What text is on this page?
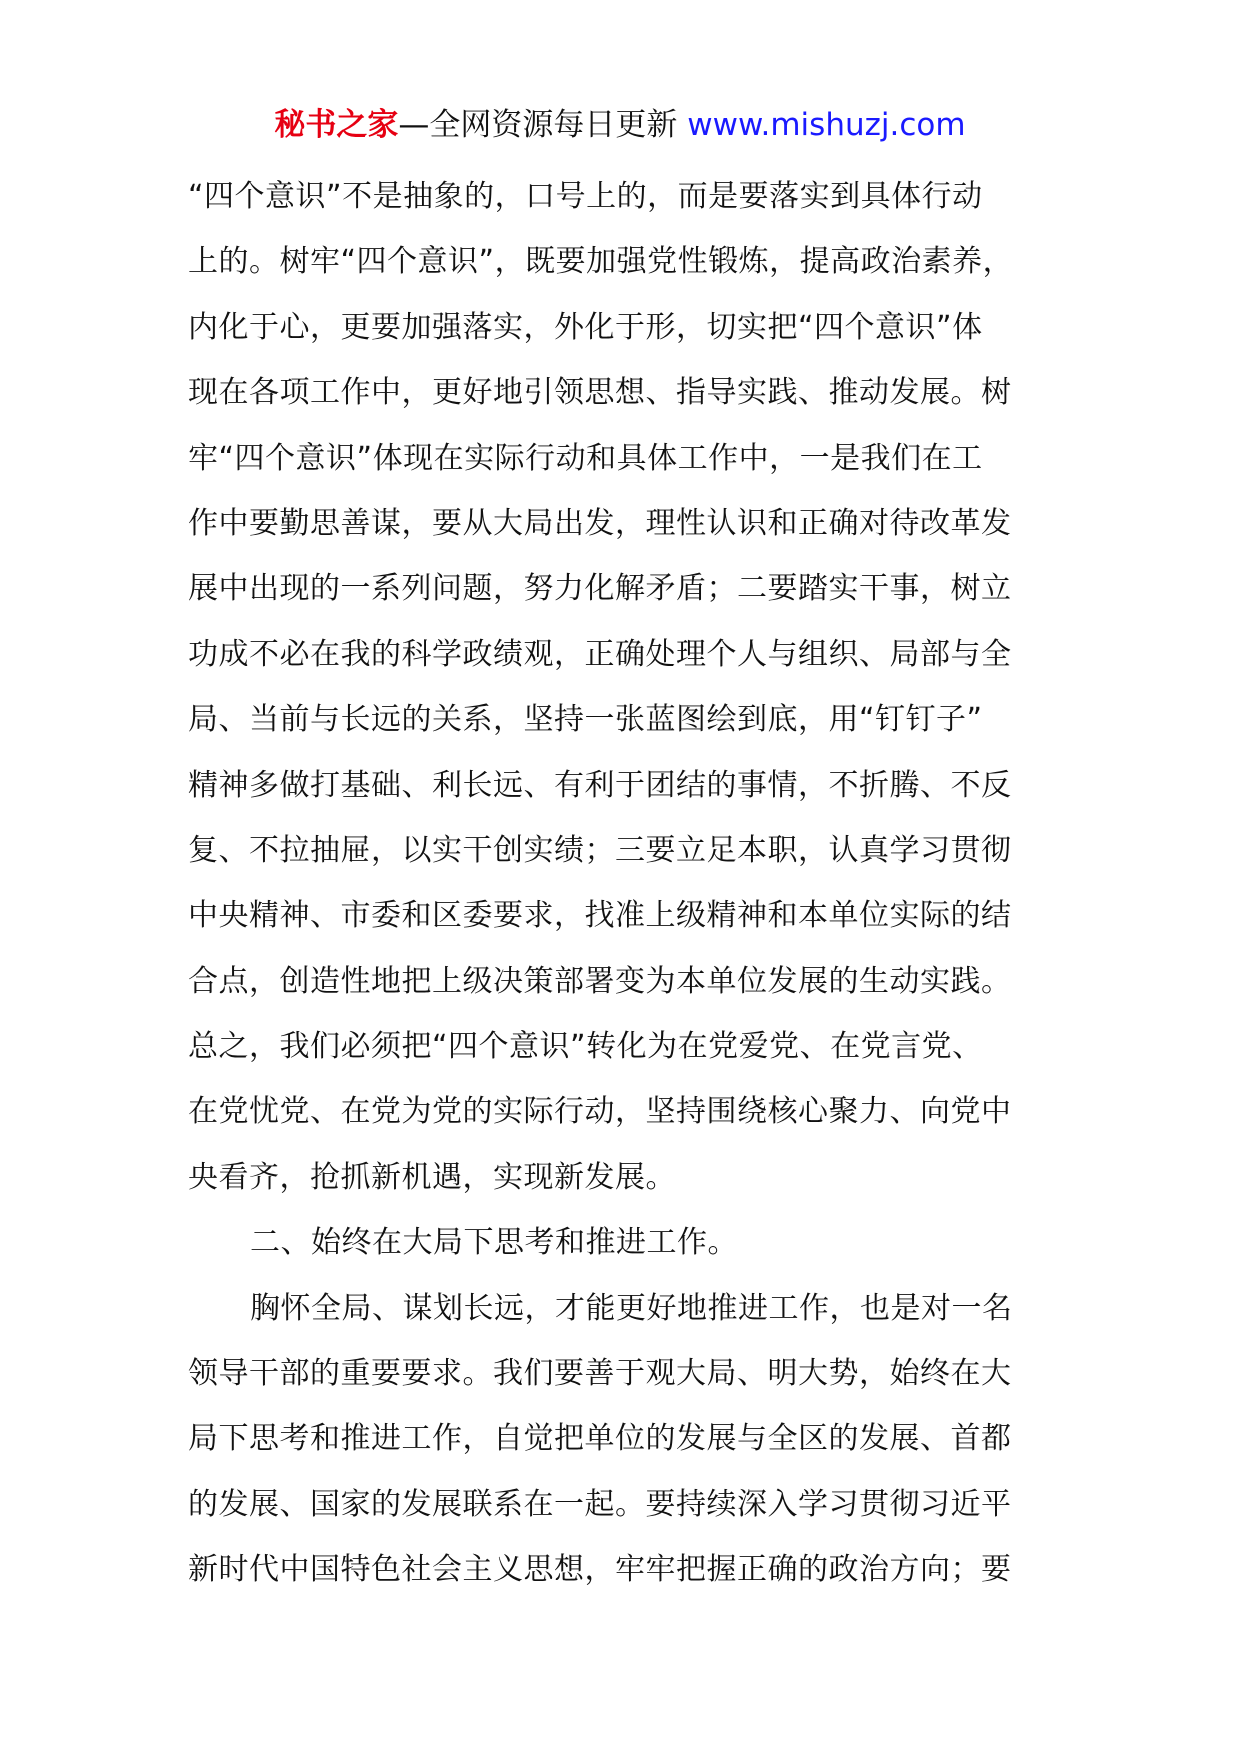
秘书之家—全网资源每日更新 www.mishuzj.com
“四个意识”不是抽象的，口号上的，而是要落实到具体行动
上的。树牢“四个意识”，既要加强党性锻炼，提高政治素养，
内化于心，更要加强落实，外化于形，切实把“四个意识”体
现在各项工作中，更好地引领思想、指导实践、推动发展。树
牢“四个意识”体现在实际行动和具体工作中，一是我们在工
作中要勤思善谋，要从大局出发，理性认识和正确对待改革发
展中出现的一系列问题，努力化解矛盾；二要踏实干事，树立
功成不必在我的科学政绩观，正确处理个人与组织、局部与全
局、当前与长远的关系，坚持一张蓝图绘到底，用“钉钉子”
精神多做打基础、利长远、有利于团结的事情，不折腾、不反
复、不拉抽屉，以实干创实绩；三要立足本职，认真学习贯彻
中央精神、市委和区委要求，找准上级精神和本单位实际的结
合点，创造性地把上级决策部署变为本单位发展的生动实践。
总之，我们必须把“四个意识”转化为在党爱党、在党言党、
在党忧党、在党为党的实际行动，坚持围绕核心聚力、向党中
央看齐，抢抓新机遇，实现新发展。
二、始终在大局下思考和推进工作。
胸怀全局、谋划长远，才能更好地推进工作，也是对一名
领导干部的重要要求。我们要善于观大局、明大势，始终在大
局下思考和推进工作，自觉把单位的发展与全区的发展、首都
的发展、国家的发展联系在一起。要持续深入学习贯彻习近平
新时代中国特色社会主义思想，牢牢把握正确的政治方向；要
